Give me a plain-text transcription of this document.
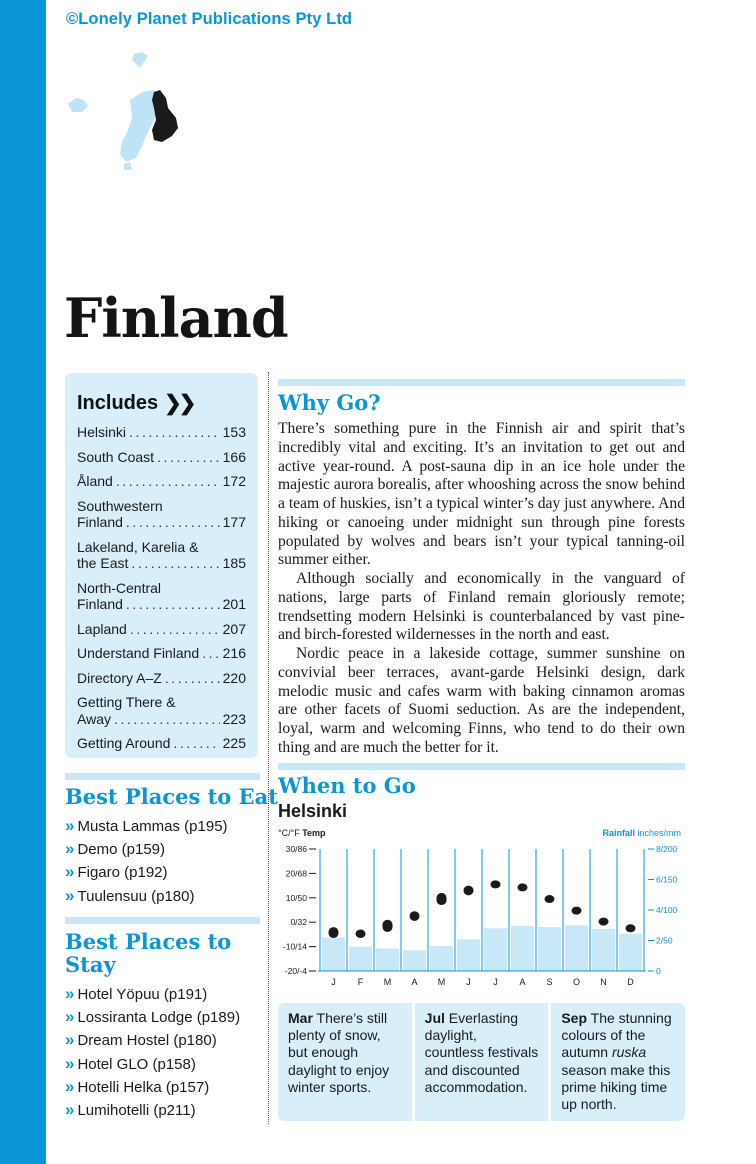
©Lonely Planet Publications Pty Ltd
Finland
Includes ❯❯
Helsinki .....	153
South Coast .....	166
Åland .....	172
Southwestern
Finland .....	177
Lakeland, Karelia &
the East .....	185
North-Central
Finland .....	201
Lapland .....	207
Understand Finland ..... 216
Directory A–Z .....	220
Getting There &
Away .....	223
Getting Around .....	225
Best Places to Eat
» Musta Lammas (p195)
» Demo (p159)
» Figaro (p192)
» Tuulensuu (p180)
Best Places to
Stay
» Hotel Yöpuu (p191)
» Lossiranta Lodge (p189)
» Dream Hostel (p180)
» Hotel GLO (p158)
» Hotelli Helka (p157)
» Lumihotelli (p211)
Why Go?

There’s something pure in the Finnish air and spirit that’s incredibly vital and exciting. It’s an invitation to get out and active year-round. A post-sauna dip in an ice hole under the majestic aurora borealis, after whooshing across the snow behind a team of huskies, isn’t a typical winter’s day just anywhere. And hiking or canoeing under midnight sun through pine forests populated by wolves and bears isn’t your typical tanning-oil summer either.

Although socially and economically in the vanguard of nations, large parts of Finland remain gloriously remote; trendsetting modern Helsinki is counterbalanced by vast pine- and birch-forested wildernesses in the north and east.

Nordic peace in a lakeside cottage, summer sunshine on convivial beer terraces, avant-garde Helsinki design, dark melodic music and cafes warm with baking cinnamon aromas are other facets of Suomi seduction. As are the independent, loyal, warm and welcoming Finns, who tend to do their own thing and are much the better for it.

When to Go
Helsinki
°C/°F Temp	Rainfall inches/mm
30/86
20/68
10/50
0/32
-10/14
-20/-4
8/200
6/150
4/100
2/50
0
J F M A M J	J A S O N D
Mar There’s still plenty of snow, but enough daylight to enjoy winter sports.
Jul Everlasting daylight, countless festivals and discounted accommodation.
Sep The stunning colours of the autumn ruska season make this prime hiking time up north.
